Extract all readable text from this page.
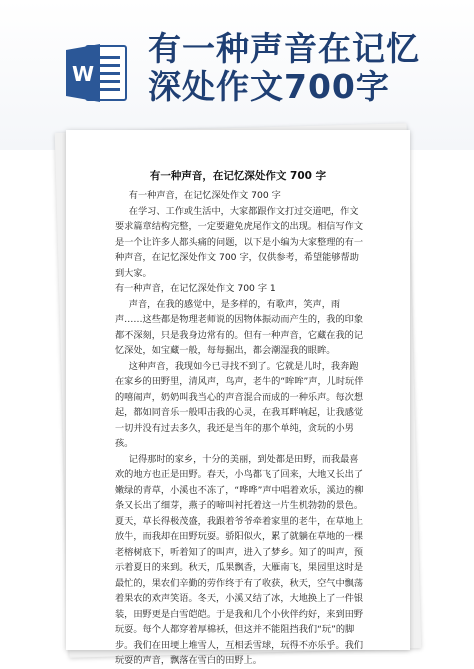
W
有一种声音在记忆
深处作文700字
有一种声音，在记忆深处作文 700 字

有一种声音，在记忆深处作文 700 字

在学习、工作或生活中，大家都跟作文打过交道吧，作文要求篇章结构完整，一定要避免虎尾作文的出现。相信写作文是一个让许多人都头痛的问题，以下是小编为大家整理的有一种声音，在记忆深处作文 700 字，仅供参考，希望能够帮助到大家。

有一种声音，在记忆深处作文 700 字 1

声音，在我的感觉中，是多样的，有歌声，笑声，雨声……这些都是物理老师说的因物体振动而产生的，我的印象都不深刻，只是我身边常有的。但有一种声音，它藏在我的记忆深处，如宝藏一般，每每掘出，都会潮湿我的眼眸。

这种声音，我现如今已寻找不到了。它就是儿时，我奔跑在家乡的田野里，清风声，鸟声，老牛的“哞哞”声，儿时玩伴的嘻闹声，奶奶叫我当心的声音混合而成的一种乐声。每次想起，都如同音乐一般叩击我的心灵，在我耳畔响起，让我感觉一切并没有过去多久，我还是当年的那个单纯，贪玩的小男孩。

记得那时的家乡，十分的美丽，到处都是田野，而我最喜欢的地方也正是田野。春天，小鸟都飞了回来，大地又长出了嫩绿的青草，小溪也不冻了，“哗哗”声中唱着欢乐，溪边的柳条又长出了细芽，燕子的啼叫衬托着这一片生机勃勃的景色。夏天，草长得极茂盛，我跟着爷爷牵着家里的老牛，在草地上放牛，而我却在田野玩耍。骄阳似火，累了就躺在草地的一棵老榕树底下，听着知了的叫声，进入了梦乡。知了的叫声，预示着夏日的来到。秋天，瓜果飘香，大雁南飞，果园里这时是最忙的，果农们辛勤的劳作终于有了收获，秋天，空气中飘荡着果农的欢声笑语。冬天，小溪又结了冰，大地换上了一件银装，田野更是白雪皑皑。于是我和几个小伙伴约好，来到田野玩耍。每个人都穿着厚棉袄，但这并不能阻挡我们“玩”的脚步。我们在田埂上堆雪人，互相丢雪球，玩得不亦乐乎。我们玩耍的声音，飘落在雪白的田野上。
